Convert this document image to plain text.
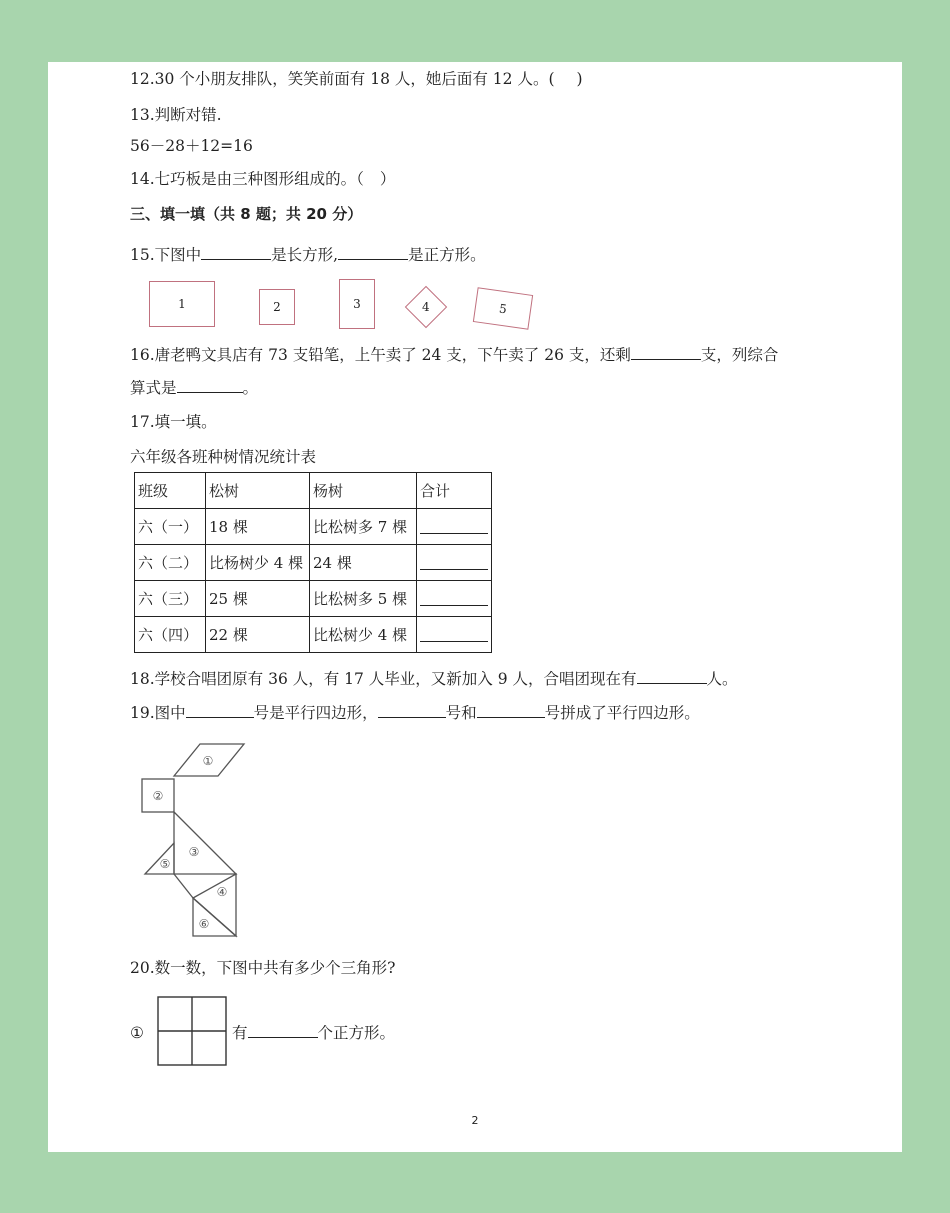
12.30 个小朋友排队，笑笑前面有 18 人，她后面有 12 人。( )
13.判断对错.
56－28＋12=16
14.七巧板是由三种图形组成的。（ ）
三、填一填（共 8 题；共 20 分）
15.下图中	是长方形,	是正方形。
1	2	3	4	5
16.唐老鸭文具店有 73 支铅笔，上午卖了 24 支，下午卖了 26 支，还剩	支，列综合
算式是	。
17.填一填。
六年级各班种树情况统计表
班级	松树	杨树	合计
六（一）	18 棵	比松树多 7 棵	
六（二）	比杨树少 4 棵	24 棵	
六（三）	25 棵	比松树多 5 棵	
六（四）	22 棵	比松树少 4 棵	
18.学校合唱团原有 36 人，有 17 人毕业，又新加入 9 人，合唱团现在有	人。
19.图中	号是平行四边形，	号和	号拼成了平行四边形。
①
②
③
⑤
④
⑥
20.数一数，下图中共有多少个三角形?
①	有	个正方形。
2
